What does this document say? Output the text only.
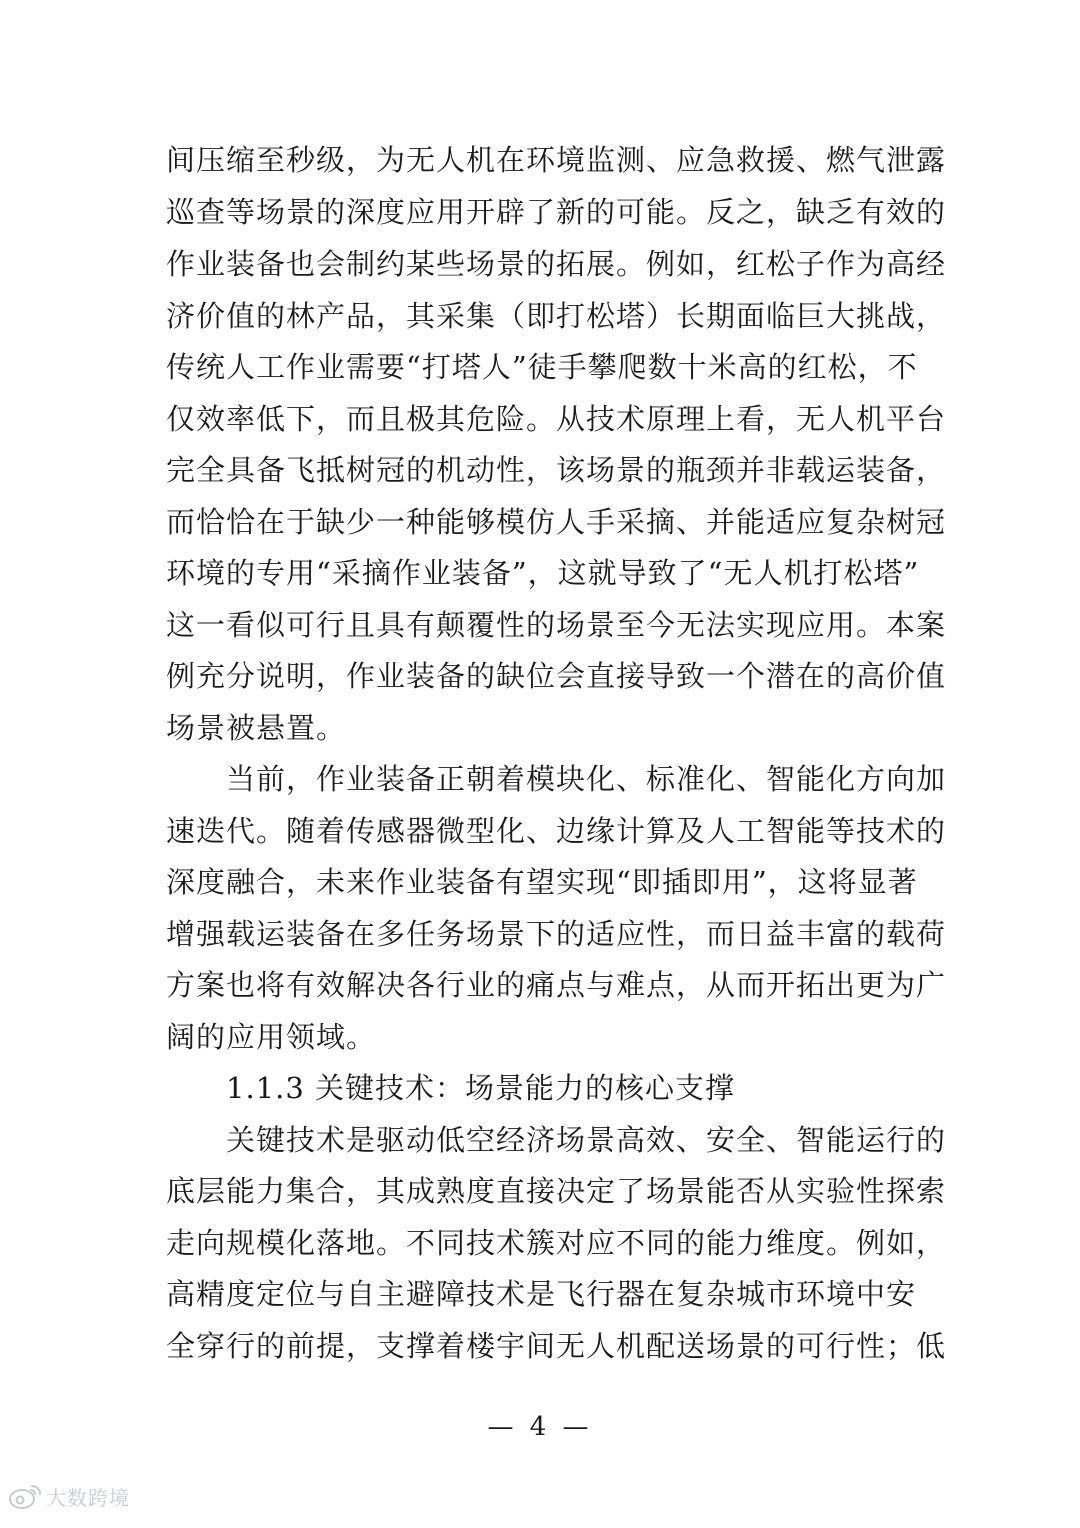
间压缩至秒级，为无人机在环境监测、应急救援、燃气泄露
巡查等场景的深度应用开辟了新的可能。反之，缺乏有效的
作业装备也会制约某些场景的拓展。例如，红松子作为高经
济价值的林产品，其采集（即打松塔）长期面临巨大挑战，
传统人工作业需要“打塔人”徒手攀爬数十米高的红松，不
仅效率低下，而且极其危险。从技术原理上看，无人机平台
完全具备飞抵树冠的机动性，该场景的瓶颈并非载运装备，
而恰恰在于缺少一种能够模仿人手采摘、并能适应复杂树冠
环境的专用“采摘作业装备”，这就导致了“无人机打松塔”
这一看似可行且具有颠覆性的场景至今无法实现应用。本案
例充分说明，作业装备的缺位会直接导致一个潜在的高价值
场景被悬置。
　　当前，作业装备正朝着模块化、标准化、智能化方向加
速迭代。随着传感器微型化、边缘计算及人工智能等技术的
深度融合，未来作业装备有望实现“即插即用”，这将显著
增强载运装备在多任务场景下的适应性，而日益丰富的载荷
方案也将有效解决各行业的痛点与难点，从而开拓出更为广
阔的应用领域。
　　1.1.3 关键技术：场景能力的核心支撑
　　关键技术是驱动低空经济场景高效、安全、智能运行的
底层能力集合，其成熟度直接决定了场景能否从实验性探索
走向规模化落地。不同技术簇对应不同的能力维度。例如，
高精度定位与自主避障技术是飞行器在复杂城市环境中安
全穿行的前提，支撑着楼宇间无人机配送场景的可行性；低
— 4 —
大数跨境
